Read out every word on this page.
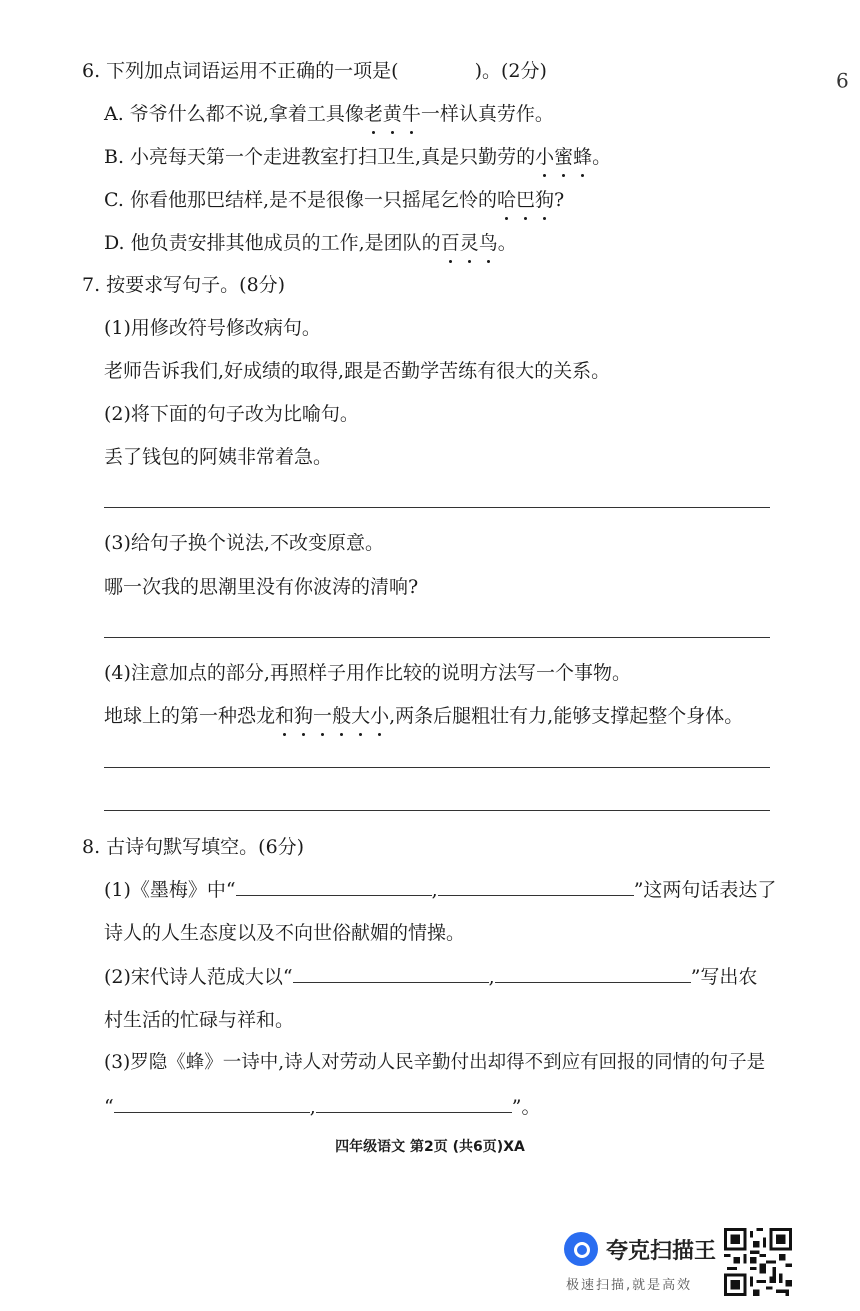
9
6. 下列加点词语运用不正确的一项是(	)。(2分)
A. 爷爷什么都不说,拿着工具像老黄牛一样认真劳作。
B. 小亮每天第一个走进教室打扫卫生,真是只勤劳的小蜜蜂。
C. 你看他那巴结样,是不是很像一只摇尾乞怜的哈巴狗?
D. 他负责安排其他成员的工作,是团队的百灵鸟。
7. 按要求写句子。(8分)
(1)用修改符号修改病句。
老师告诉我们,好成绩的取得,跟是否勤学苦练有很大的关系。
(2)将下面的句子改为比喻句。
丢了钱包的阿姨非常着急。
(3)给句子换个说法,不改变原意。
哪一次我的思潮里没有你波涛的清响?
(4)注意加点的部分,再照样子用作比较的说明方法写一个事物。
地球上的第一种恐龙和狗一般大小,两条后腿粗壮有力,能够支撑起整个身体。
8. 古诗句默写填空。(6分)
(1)《墨梅》中“	,	”这两句话表达了
诗人的人生态度以及不向世俗献媚的情操。
(2)宋代诗人范成大以“	,	”写出农
村生活的忙碌与祥和。
(3)罗隐《蜂》一诗中,诗人对劳动人民辛勤付出却得不到应有回报的同情的句子是
“	,	”。
四年级语文 第2页 (共6页)XA
夸克扫描王
极速扫描,就是高效
